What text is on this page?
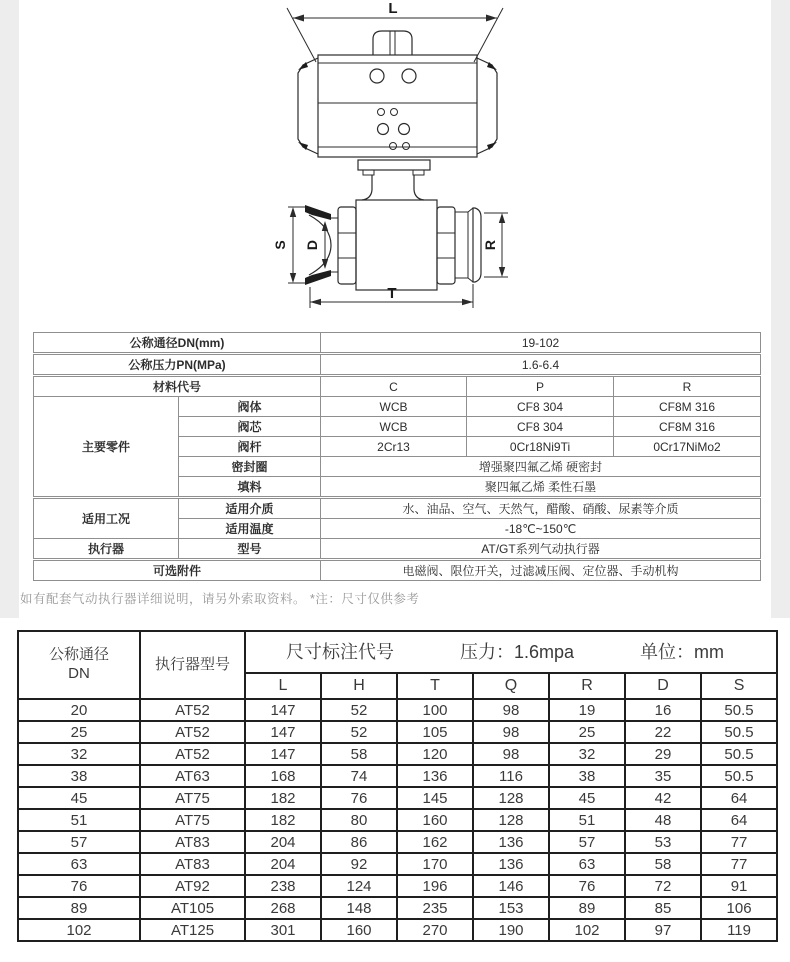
L
S D	R
T
公称通径DN(mm)		19-102		
公称压力PN(MPa)		1.6-6.4		
材料代号		C	P	R
主要零件	阀体	WCB	CF8 304	CF8M 316
	阀芯	WCB	CF8 304	CF8M 316
	阀杆	2Cr13	0Cr18Ni9Ti	0Cr17NiMo2
	密封圈	增强聚四氟乙烯 硬密封		
	填料	聚四氟乙烯 柔性石墨		
适用工况	适用介质	水、油品、空气、天然气，醋酸、硝酸、尿素等介质		
	适用温度	-18℃~150℃		
执行器	型号	AT/GT系列气动执行器		
可选附件		电磁阀、限位开关，过滤减压阀、定位器、手动机构		
如有配套气动执行器详细说明，请另外索取资料。 *注：尺寸仅供参考
公称通径
DN
	执行器型号	
尺寸标注代号	压力：1.6mpa	单位：mm

		L	H	T	Q	R	D	S
20	AT52	147	52	100	98	19	16	50.5
25	AT52	147	52	105	98	25	22	50.5
32	AT52	147	58	120	98	32	29	50.5
38	AT63	168	74	136	116	38	35	50.5
45	AT75	182	76	145	128	45	42	64
51	AT75	182	80	160	128	51	48	64
57	AT83	204	86	162	136	57	53	77
63	AT83	204	92	170	136	63	58	77
76	AT92	238	124	196	146	76	72	91
89	AT105	268	148	235	153	89	85	106
102	AT125	301	160	270	190	102	97	119
